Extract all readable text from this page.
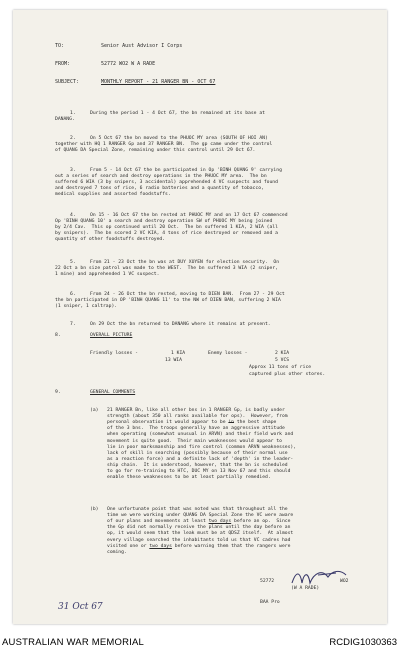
TO:	Senior Aust Advisor I Corps
FROM:	52772 WO2 W A RADE
SUBJECT:	MONTHLY REPORT - 21 RANGER BN - OCT 67
1.	During the period 1 - 4 Oct 67, the bn remained at its base at
DANANG.
2.	On 5 Oct 67 the bn moved to the PHUOC MY area (SOUTH OF HOI AN)
together with HQ 1 RANGER Gp and 37 RANGER BN.  The gp came under the control
of QUANG DA Special Zone, remaining under this control until 29 Oct 67.
3.	From 5 - 14 Oct 67 the bn participated in Op 'BINH QUANG 9' carrying
out a series of search and destroy operations in the PHUOC MY area.  The bn
suffered 6 WIA (3 by snipers, 3 accidental) apprehended 4 VC suspects and found
and destroyed 7 tons of rice, 6 radio batteries and a quantity of tobacco,
medical supplies and assorted foodstuffs.
4.	On 15 - 16 Oct 67 the bn rested at PHUOC MY and on 17 Oct 67 commenced
Op 'BINH QUANG 10' a search and destroy operation SW of PHUOC MY being joined
by 2/4 Cav.  This op continued until 20 Oct.  The bn suffered 1 KIA, 2 WIA (all
by snipers).  The bn scored 2 VC KIA, 4 tons of rice destroyed or removed and a
quantity of other foodstuffs destroyed.
5.	From 21 - 23 Oct the bn was at DUY XUYEN for election security.  On
22 Oct a bn size patrol was made to the WEST.  The bn suffered 3 WIA (2 sniper,
1 mine) and apprehended 1 VC suspect.
6.	From 24 - 26 Oct the bn rested, moving to DIEN BAN.  From 27 - 29 Oct
the bn participated in OP 'BINH QUANG 11' to the NW of DIEN BAN, suffering 2 WIA
(1 sniper, 1 caltrap).
7.	On 29 Oct the bn returned to DANANG where it remains at present.
8.	OVERALL PICTURE
Friendly losses -	1 KIA
13 WIA
Enemy losses -	2 KIA
5 VCS
Approx 11 tons of rice
captured plus other stores.
9.	GENERAL COMMENTS
(a) 21 RANGER Bn, like all other bns in 1 RANGER Gp, is badly under
strength (about 350 all ranks available for ops).  However, from
personal observation it would appear to be in the best shape
of the 3 bns.  The troops generally have an aggressive attitude
when operating (somewhat unusual in ARVN) and their field work and
movement is quite good.  Their main weaknesses would appear to
lie in poor marksmanship and fire control (common ARVN weaknesses),
lack of skill in searching (possibly because of their normal use
as a reaction force) and a definite lack of 'depth' in the leader-
ship chain.  It is understood, however, that the bn is scheduled
to go for re-training to HTC, DUC MY on 13 Nov 67 and this should
enable these weaknesses to be at least partially remedied.
(b) One unfortunate point that was noted was that throughout all the
time we were working under QUANG DA Special Zone the VC were aware
of our plans and movements at least two days before an op.  Since
the Gp did not normally receive the plans until the day before an
op, it would seem that the leak must be at QDSZ itself.  At almost
every village searched the inhabitants told us that VC cadres had
visited one or two days before warning them that the rangers were
coming.
52772	WO2
(W A RADE)
BAA Pro
31 Oct 67
AUSTRALIAN WAR MEMORIAL	RCDIG1030363
